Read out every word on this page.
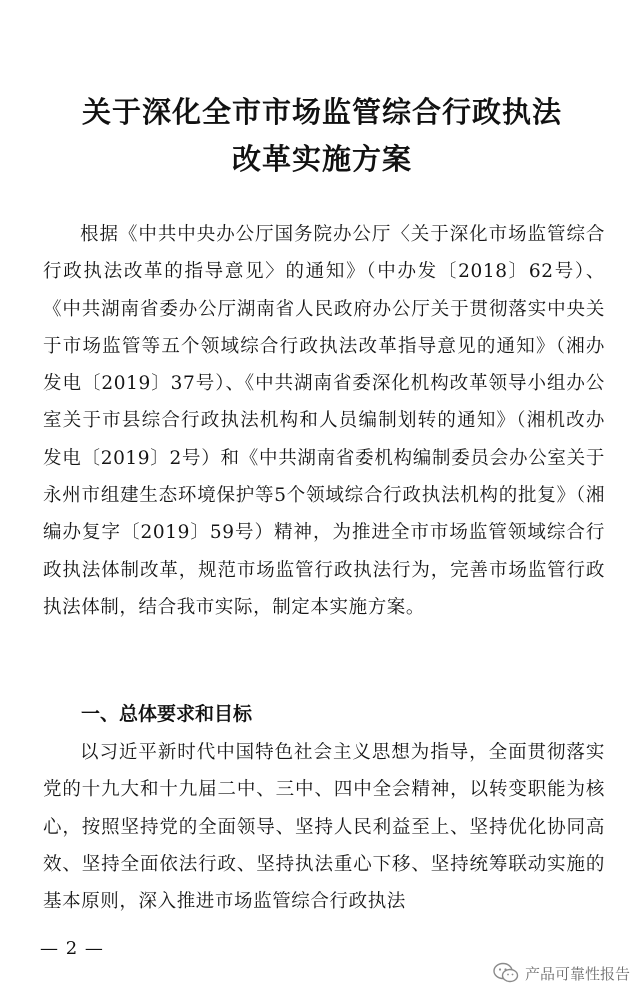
关于深化全市市场监管综合行政执法
改革实施方案
根据《中共中央办公厅国务院办公厅〈关于深化市场监管综合行政执法改革的指导意见〉的通知》（中办发〔2018〕62号）、《中共湖南省委办公厅湖南省人民政府办公厅关于贯彻落实中央关于市场监管等五个领域综合行政执法改革指导意见的通知》（湘办发电〔2019〕37号）、《中共湖南省委深化机构改革领导小组办公室关于市县综合行政执法机构和人员编制划转的通知》（湘机改办发电〔2019〕2号）和《中共湖南省委机构编制委员会办公室关于永州市组建生态环境保护等5个领域综合行政执法机构的批复》（湘编办复字〔2019〕59号）精神，为推进全市市场监管领域综合行政执法体制改革，规范市场监管行政执法行为，完善市场监管行政执法体制，结合我市实际，制定本实施方案。
一、总体要求和目标
以习近平新时代中国特色社会主义思想为指导，全面贯彻落实党的十九大和十九届二中、三中、四中全会精神，以转变职能为核心，按照坚持党的全面领导、坚持人民利益至上、坚持优化协同高效、坚持全面依法行政、坚持执法重心下移、坚持统筹联动实施的基本原则，深入推进市场监管综合行政执法
— 2 —
产品可靠性报告
